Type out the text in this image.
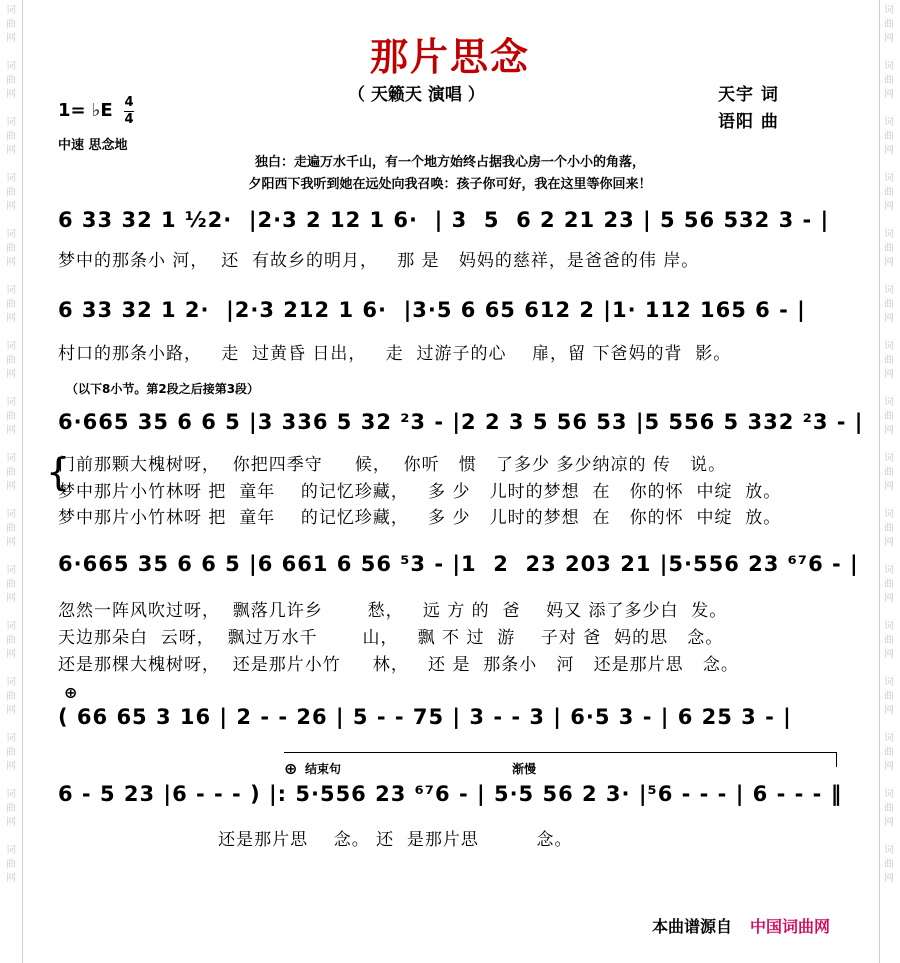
词
曲
网

词
曲
网

词
曲
网

词
曲
网

词
曲
网

词
曲
网

词
曲
网

词
曲
网

词
曲
网

词
曲
网

词
曲
网

词
曲
网

词
曲
网

词
曲
网

词
曲
网

词
曲
网
词
曲
网

词
曲
网

词
曲
网

词
曲
网

词
曲
网

词
曲
网

词
曲
网

词
曲
网

词
曲
网

词
曲
网

词
曲
网

词
曲
网

词
曲
网

词
曲
网

词
曲
网

词
曲
网
那片思念
（ 天籁天 演唱 ）	天宇 词
语阳 曲
1= ♭E 4
4
中速 思念地
独白：走遍万水千山，有一个地方始终占据我心房一个小小的角落，
夕阳西下我听到她在远处向我召唤：孩子你可好，我在这里等你回来！
6 33 32 1 ½2·  |2·3 2 12 1 6·  | 3  5  6 2 21 23 | 5 56 532 3 - |
梦中的那条小 河，  还  有故乡的明月，   那 是   妈妈的慈祥，是爸爸的伟 岸。
6 33 32 1 2·  |2·3 212 1 6·  |3·5 6 65 612 2 |1· 112 165 6 - |
村口的那条小路，   走  过黄昏 日出，   走  过游子的心    扉，留 下爸妈的背  影。
（以下8小节。第2段之后接第3段）
6·665 35 6 6 5 |3 336 5 32 ²3 - |2 2 3 5 56 53 |5 556 5 332 ²3 - |
{
门前那颗大槐树呀，  你把四季守     候，  你听   惯   了多少 多少纳凉的 传   说。
梦中那片小竹林呀 把  童年    的记忆珍藏，   多 少   儿时的梦想  在   你的怀  中绽  放。
梦中那片小竹林呀 把  童年    的记忆珍藏，   多 少   儿时的梦想  在   你的怀  中绽  放。
6·665 35 6 6 5 |6 661 6 56 ⁵3 - |1  2  23 203 21 |5·556 23 ⁶⁷6 - |
忽然一阵风吹过呀，  飘落几许乡       愁，   远 方 的  爸    妈又 添了多少白  发。
天边那朵白  云呀，  飘过万水千       山，   飘 不 过  游    子对 爸  妈的思   念。
还是那棵大槐树呀，  还是那片小竹     林，   还 是  那条小   河   还是那片思   念。
⊕
( 66 65 3 16 | 2 - - 26 | 5 - - 75 | 3 - - 3 | 6·5 3 - | 6 25 3 - |
⊕ 结束句	渐慢
6 - 5 23 |6 - - - ) |: 5·556 23 ⁶⁷6 - | 5·5 56 2 3· |⁵6 - - - | 6 - - - ‖
还是那片思    念。 还  是那片思         念。
本曲谱源自 中国词曲网
